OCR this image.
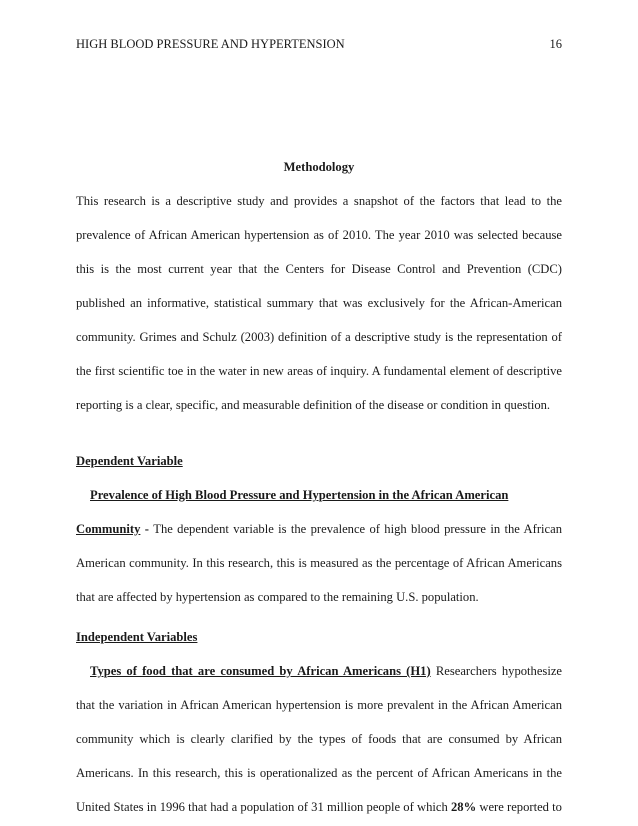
HIGH BLOOD PRESSURE AND HYPERTENSION	16
Methodology
This research is a descriptive study and provides a snapshot of the factors that lead to the
prevalence of African American hypertension as of 2010. The year 2010 was selected because
this is the most current year that the Centers for Disease Control and Prevention (CDC)
published an informative, statistical summary that was exclusively for the African-American
community. Grimes and Schulz (2003) definition of a descriptive study is the representation of
the first scientific toe in the water in new areas of inquiry. A fundamental element of descriptive
reporting is a clear, specific, and measurable definition of the disease or condition in question.
Dependent Variable
Prevalence of High Blood Pressure and Hypertension in the African American
Community - The dependent variable is the prevalence of high blood pressure in the African
American community. In this research, this is measured as the percentage of African Americans
that are affected by hypertension as compared to the remaining U.S. population.
Independent Variables
Types of food that are consumed by African Americans (H1) Researchers hypothesize
that the variation in African American hypertension is more prevalent in the African American
community which is clearly clarified by the types of foods that are consumed by African
Americans. In this research, this is operationalized as the percent of African Americans in the
United States in 1996 that had a population of 31 million people of which 28% were reported to
